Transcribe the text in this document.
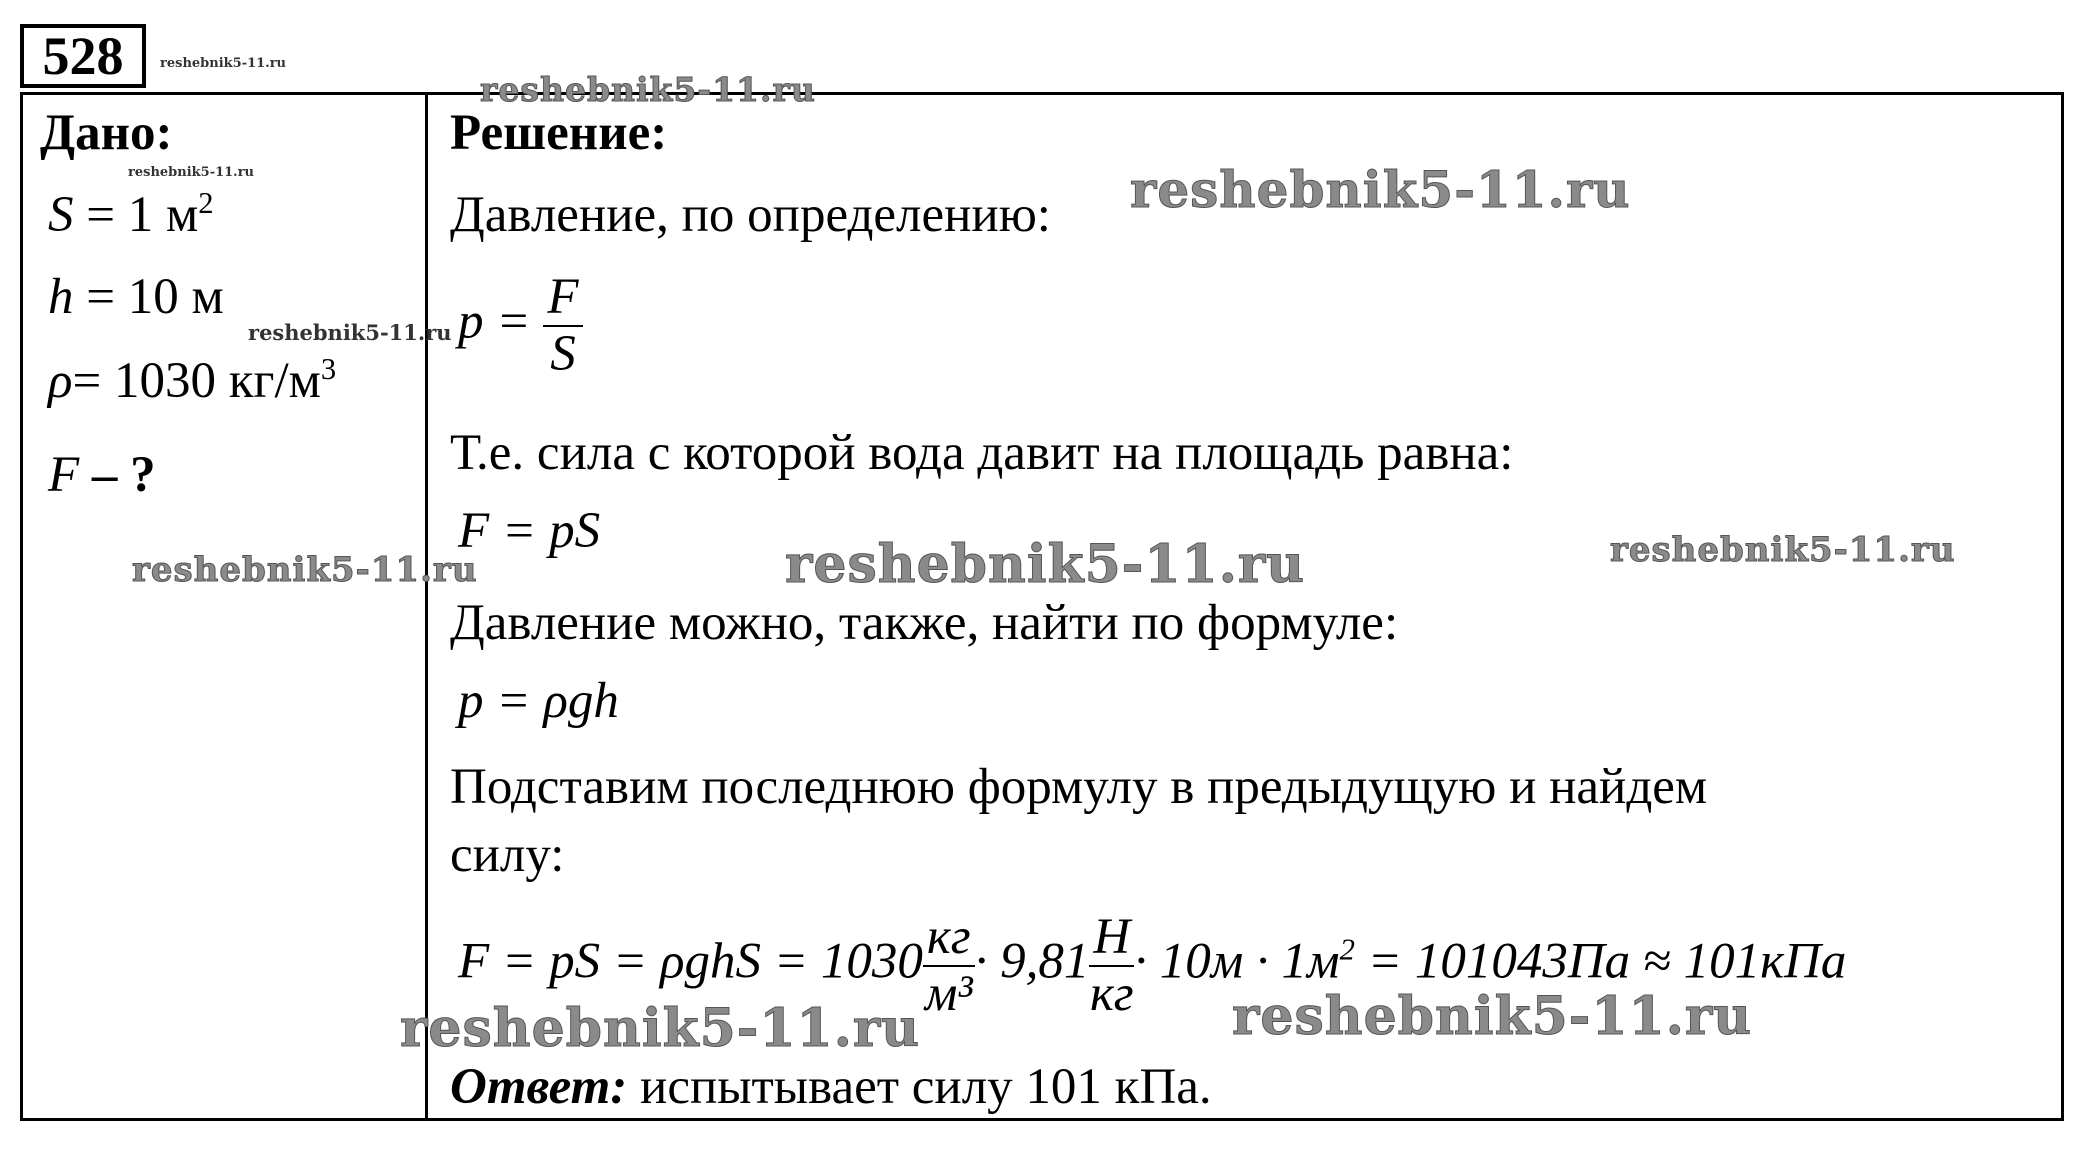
528	reshebnik5-11.ru
Дано:
reshebnik5-11.ru
S = 1 $м^2$
h = 10 м
reshebnik5-11.ru
ρ= 1030 $кг/м^3$
F – ?
Решение:
Давление, по определению:
$p = \frac{F}{S}$
Т.е. сила с которой вода давит на площадь равна:
F = pS
Давление можно, также, найти по формуле:
p = ρgh
Подставим последнюю формулу в предыдущую и найдем
силу:
F = pS = $\rho ghS = 1030 \frac{кг}{\text{м³}} \cdot 9,81 \frac{Н}{кг} \cdot 10м \cdot 1м^2 = 101043Па \approx 101кПа$
Ответ: испытывает силу 101 кПа.
reshebnik5-11.ru
reshebnik5-11.ru
reshebnik5-11.ru	reshebnik5-11.ru	reshebnik5-11.ru
reshebnik5-11.ru	reshebnik5-11.ru
